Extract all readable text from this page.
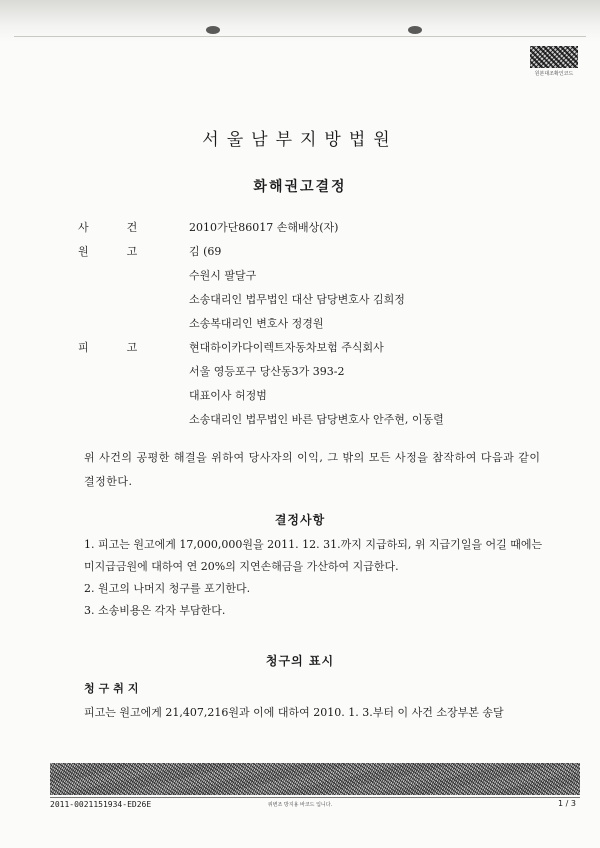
원본대조확인코드
서울남부지방법원
화해권고결정
사건 2010가단86017 손해배상(자)
원고 김 (69
수원시 팔달구
소송대리인 법무법인 대산 담당변호사 김희정
소송복대리인 변호사 정경원
피고 현대하이카다이렉트자동차보험 주식회사
서울 영등포구 당산동3가 393-2
대표이사 허정범
소송대리인 법무법인 바른 담당변호사 안주현, 이동렬
위 사건의 공평한 해결을 위하여 당사자의 이익, 그 밖의 모든 사정을 참작하여 다음과 같이 결정한다.
결정사항
1. 피고는 원고에게 17,000,000원을 2011. 12. 31.까지 지급하되, 위 지급기일을 어길 때에는 미지급금원에 대하여 연 20%의 지연손해금을 가산하여 지급한다.
2. 원고의 나머지 청구를 포기한다.
3. 소송비용은 각자 부담한다.
청구의 표시
청구취지
피고는 원고에게 21,407,216원과 이에 대하여 2010. 1. 3.부터 이 사건 소장부본 송달
2011-0021151934-ED26E	위변조 방지용 바코드 입니다.	1 / 3
